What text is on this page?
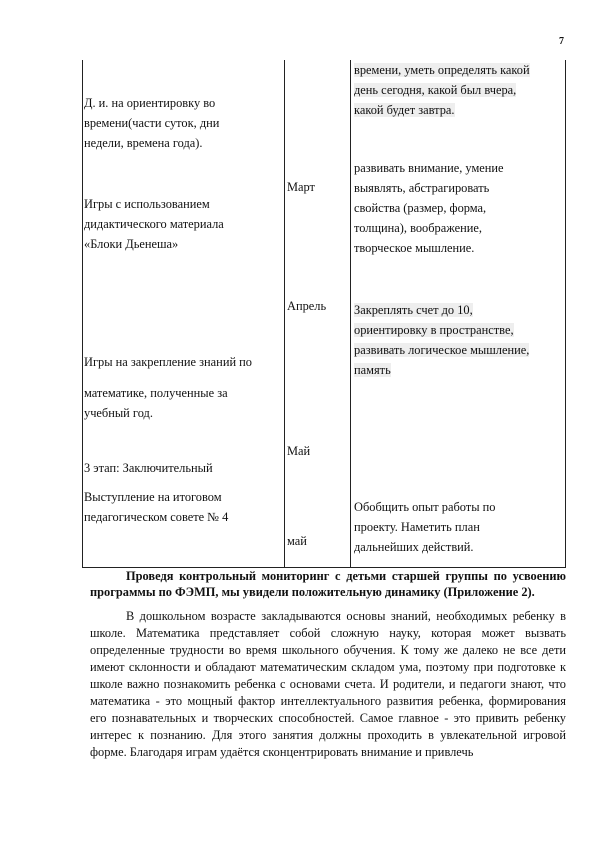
7
Д. и. на ориентировку во
времени(части суток, дни
недели, времена года).
Игры с использованием
дидактического материала
«Блоки Дьенеша»
Игры на закрепление знаний по
математике, полученные за
учебный год.
3 этап: Заключительный
Выступление на итоговом
педагогическом совете № 4
Март
Апрель
Май
май
времени, уметь определять какой
день сегодня, какой был вчера,
какой будет завтра.
развивать внимание, умение
выявлять, абстрагировать
свойства (размер, форма,
толщина), воображение,
творческое мышление.
Закреплять счет до 10,
ориентировку в пространстве,
развивать логическое мышление,
память
Обобщить опыт работы по
проекту. Наметить план
дальнейших действий.
Проведя контрольный мониторинг с детьми старшей группы по усвоению программы по ФЭМП, мы увидели положительную динамику (Приложение 2).
В дошкольном возрасте закладываются основы знаний, необходимых ребенку в школе. Математика представляет собой сложную науку, которая может вызвать определенные трудности во время школьного обучения. К тому же далеко не все дети имеют склонности и обладают математическим складом ума, поэтому при подготовке к школе важно познакомить ребенка с основами счета. И родители, и педагоги знают, что математика - это мощный фактор интеллектуального развития ребенка, формирования его познавательных и творческих способностей. Самое главное - это привить ребенку интерес к познанию. Для этого занятия должны проходить в увлекательной игровой форме. Благодаря играм удаётся сконцентрировать внимание и привлечь
